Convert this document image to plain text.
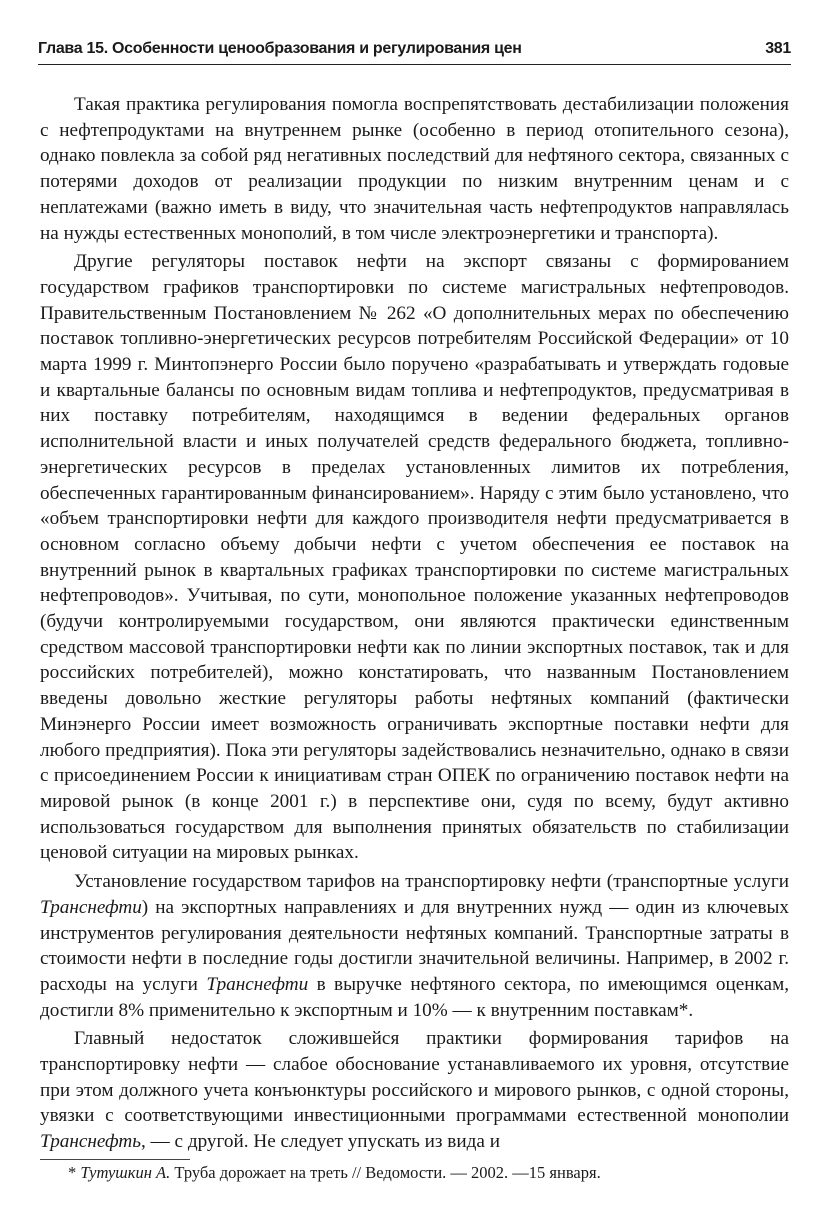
Глава 15. Особенности ценообразования и регулирования цен	381

Такая практика регулирования помогла воспрепятствовать дестабилизации положения с нефтепродуктами на внутреннем рынке (особенно в период отопительного сезона), однако повлекла за собой ряд негативных последствий для нефтяного сектора, связанных с потерями доходов от реализации продукции по низким внутренним ценам и с неплатежами (важно иметь в виду, что значительная часть нефтепродуктов направлялась на нужды естественных монополий, в том числе электроэнергетики и транспорта).

Другие регуляторы поставок нефти на экспорт связаны с формированием государством графиков транспортировки по системе магистральных нефтепроводов. Правительственным Постановлением № 262 «О дополнительных мерах по обеспечению поставок топливно-энергетических ресурсов потребителям Российской Федерации» от 10 марта 1999 г. Минтопэнерго России было поручено «разрабатывать и утверждать годовые и квартальные балансы по основным видам топлива и нефтепродуктов, предусматривая в них поставку потребителям, находящимся в ведении федеральных органов исполнительной власти и иных получателей средств федерального бюджета, топливно-энергетических ресурсов в пределах установленных лимитов их потребления, обеспеченных гарантированным финансированием». Наряду с этим было установлено, что «объем транспортировки нефти для каждого производителя нефти предусматривается в основном согласно объему добычи нефти с учетом обеспечения ее поставок на внутренний рынок в квартальных графиках транспортировки по системе магистральных нефтепроводов». Учитывая, по сути, монопольное положение указанных нефтепроводов (будучи контролируемыми государством, они являются практически единственным средством массовой транспортировки нефти как по линии экспортных поставок, так и для российских потребителей), можно констатировать, что названным Постановлением введены довольно жесткие регуляторы работы нефтяных компаний (фактически Минэнерго России имеет возможность ограничивать экспортные поставки нефти для любого предприятия). Пока эти регуляторы задействовались незначительно, однако в связи с присоединением России к инициативам стран ОПЕК по ограничению поставок нефти на мировой рынок (в конце 2001 г.) в перспективе они, судя по всему, будут активно использоваться государством для выполнения принятых обязательств по стабилизации ценовой ситуации на мировых рынках.

Установление государством тарифов на транспортировку нефти (транспортные услуги Транснефти) на экспортных направлениях и для внутренних нужд — один из ключевых инструментов регулирования деятельности нефтяных компаний. Транспортные затраты в стоимости нефти в последние годы достигли значительной величины. Например, в 2002 г. расходы на услуги Транснефти в выручке нефтяного сектора, по имеющимся оценкам, достигли 8% применительно к экспортным и 10% — к внутренним поставкам*.

Главный недостаток сложившейся практики формирования тарифов на транспортировку нефти — слабое обоснование устанавливаемого их уровня, отсутствие при этом должного учета конъюнктуры российского и мирового рынков, с одной стороны, увязки с соответствующими инвестиционными программами естественной монополии Транснефть, — с другой. Не следует упускать из вида и

* Тутушкин А. Труба дорожает на треть // Ведомости. — 2002. —15 января.
